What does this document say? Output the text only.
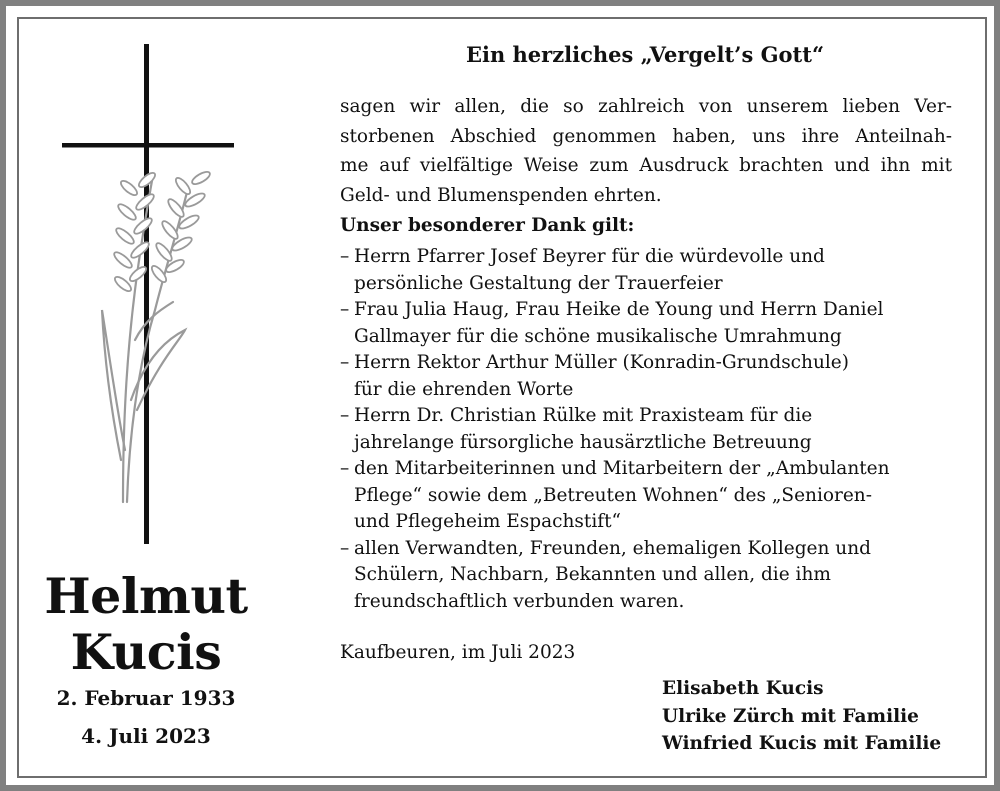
Helmut
Kucis
2. Februar 1933
4. Juli 2023
Ein herzliches „Vergelt’s Gott“
sagen wir allen, die so zahlreich von unserem lieben Ver-
storbenen Abschied genommen haben, uns ihre Anteilnah-
me auf vielfältige Weise zum Ausdruck brachten und ihn mit
Geld- und Blumenspenden ehrten.
Unser besonderer Dank gilt:
– Herrn Pfarrer Josef Beyrer für die würdevolle und
persönliche Gestaltung der Trauerfeier
– Frau Julia Haug, Frau Heike de Young und Herrn Daniel
Gallmayer für die schöne musikalische Umrahmung
– Herrn Rektor Arthur Müller (Konradin-Grundschule)
für die ehrenden Worte
– Herrn Dr. Christian Rülke mit Praxisteam für die
jahrelange fürsorgliche hausärztliche Betreuung
– den Mitarbeiterinnen und Mitarbeitern der „Ambulanten
Pflege“ sowie dem „Betreuten Wohnen“ des „Senioren-
und Pflegeheim Espachstift“
– allen Verwandten, Freunden, ehemaligen Kollegen und
Schülern, Nachbarn, Bekannten und allen, die ihm
freundschaftlich verbunden waren.
Kaufbeuren, im Juli 2023
Elisabeth Kucis
Ulrike Zürch mit Familie
Winfried Kucis mit Familie
